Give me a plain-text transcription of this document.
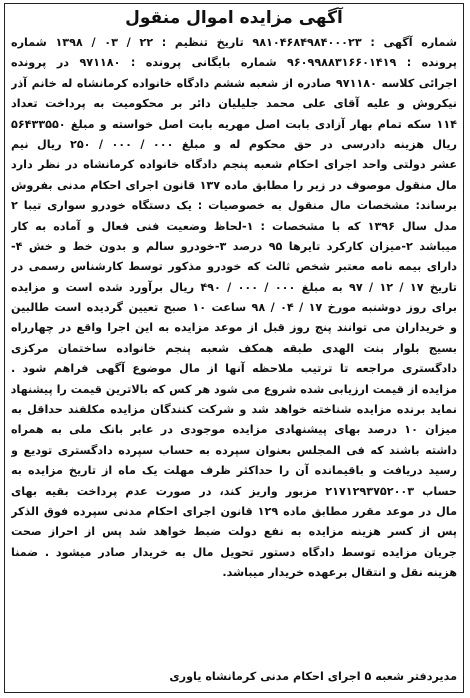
آگهی مزایده اموال منقول
شماره آگهی : ۹۸۱۰۴۶۸۴۹۸۴۰۰۰۲۳ تاریخ تنظیم : ۲۲ / ۰۳ / ۱۳۹۸ شماره
پرونده : ۹۶۰۹۹۸۸۳۱۶۶۰۱۴۱۹ شماره بایگانی پرونده : ۹۷۱۱۸۰ در پرونده
اجرائی کلاسه ۹۷۱۱۸۰ صادره از شعبه ششم دادگاه خانواده کرمانشاه له خانم آذر
نیکروش و علیه آقای علی محمد جلیلیان دائر بر محکومیت به پرداخت تعداد
۱۱۴ سکه تمام بهار آزادی بابت اصل مهریه بابت اصل خواسته و مبلغ ۵۶۴۳۳۵۵۰
ریال هزینه دادرسی در حق محکوم له و مبلغ ۰۰۰ / ۰۰۰ / ۲۵۰ ریال نیم
عشر دولتی واحد اجرای احکام شعبه پنجم دادگاه خانواده کرمانشاه در نظر دارد
مال منقول موصوف در زیر را مطابق ماده ۱۳۷ قانون اجرای احکام مدنی بفروش
برساند: مشخصات مال منقول به خصوصیات : یک دستگاه خودرو سواری تیبا ۲
مدل سال ۱۳۹۶ که با مشخصات : ۱-لحاظ وضعیت فنی فعال و آماده به کار
میباشد ۲-میزان کارکرد تایرها ۹۵ درصد ۳-خودرو سالم و بدون خط و خش ۴-
دارای بیمه نامه معتبر شخص ثالث که خودرو مذکور توسط کارشناس رسمی در
تاریخ ۱۷ / ۱۲ / ۹۷ به مبلغ ۰۰۰ / ۰۰۰ / ۴۹۰ ریال برآورد شده است و مزایده
برای روز دوشنبه مورخ ۱۷ / ۰۴ / ۹۸ ساعت ۱۰ صبح تعیین گردیده است طالبین
و خریداران می توانند پنج روز قبل از موعد مزایده به این اجرا واقع در چهارراه
بسیج بلوار بنت الهدی طبقه همکف شعبه پنجم خانواده ساختمان مرکزی
دادگستری مراجعه تا ترتیب ملاحظه آنها از مال موضوع آگهی فراهم شود .
مزایده از قیمت ارزیابی شده شروع می شود هر کس که بالاترین قیمت را پیشنهاد
نماید برنده مزایده شناخته خواهد شد و شرکت کنندگان مزایده مکلفند حداقل به
میزان ۱۰ درصد بهای پیشنهادی مزایده موجودی در عابر بانک ملی به همراه
داشته باشند که فی المجلس بعنوان سپرده به حساب سپرده دادگستری تودیع و
رسید دریافت و باقیمانده آن را حداکثر ظرف مهلت یک ماه از تاریخ مزایده به
حساب ۲۱۷۱۲۹۳۷۵۲۰۰۳ مزبور واریز کند، در صورت عدم پرداخت بقیه بهای
مال در موعد مقرر مطابق ماده ۱۲۹ قانون اجرای احکام مدنی سپرده فوق الذکر
پس از کسر هزینه مزایده به نفع دولت ضبط خواهد شد پس از احراز صحت
جریان مزایده توسط دادگاه دستور تحویل مال به خریدار صادر میشود . ضمنا
هزینه نقل و انتقال برعهده خریدار میباشد.
مدیردفتر شعبه ۵ اجرای احکام مدنی کرمانشاه یاوری
